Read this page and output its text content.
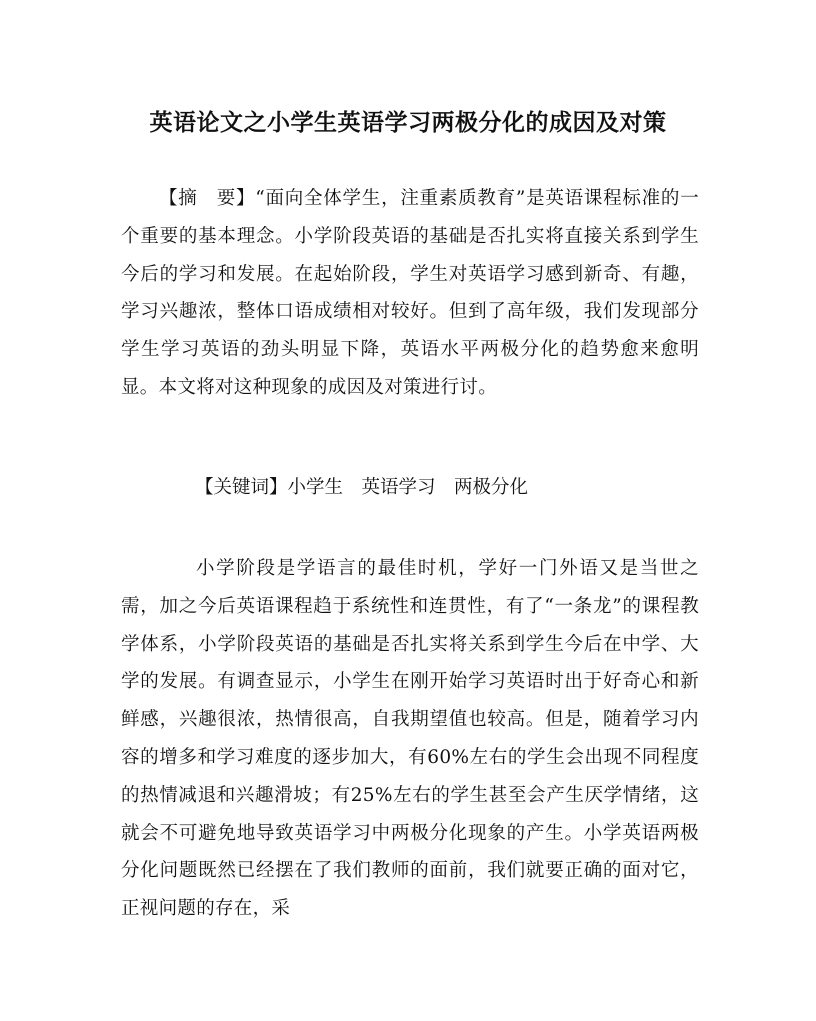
英语论文之小学生英语学习两极分化的成因及对策

【摘　要】“面向全体学生，注重素质教育”是英语课程标准的一个重要的基本理念。小学阶段英语的基础是否扎实将直接关系到学生今后的学习和发展。在起始阶段，学生对英语学习感到新奇、有趣，学习兴趣浓，整体口语成绩相对较好。但到了高年级，我们发现部分学生学习英语的劲头明显下降，英语水平两极分化的趋势愈来愈明显。本文将对这种现象的成因及对策进行讨。

【关键词】小学生　英语学习　两极分化

小学阶段是学语言的最佳时机，学好一门外语又是当世之需，加之今后英语课程趋于系统性和连贯性，有了“一条龙”的课程教学体系，小学阶段英语的基础是否扎实将关系到学生今后在中学、大学的发展。有调查显示，小学生在刚开始学习英语时出于好奇心和新鲜感，兴趣很浓，热情很高，自我期望值也较高。但是，随着学习内容的增多和学习难度的逐步加大，有60%左右的学生会出现不同程度的热情减退和兴趣滑坡；有25%左右的学生甚至会产生厌学情绪，这就会不可避免地导致英语学习中两极分化现象的产生。小学英语两极分化问题既然已经摆在了我们教师的面前，我们就要正确的面对它，正视问题的存在，采
